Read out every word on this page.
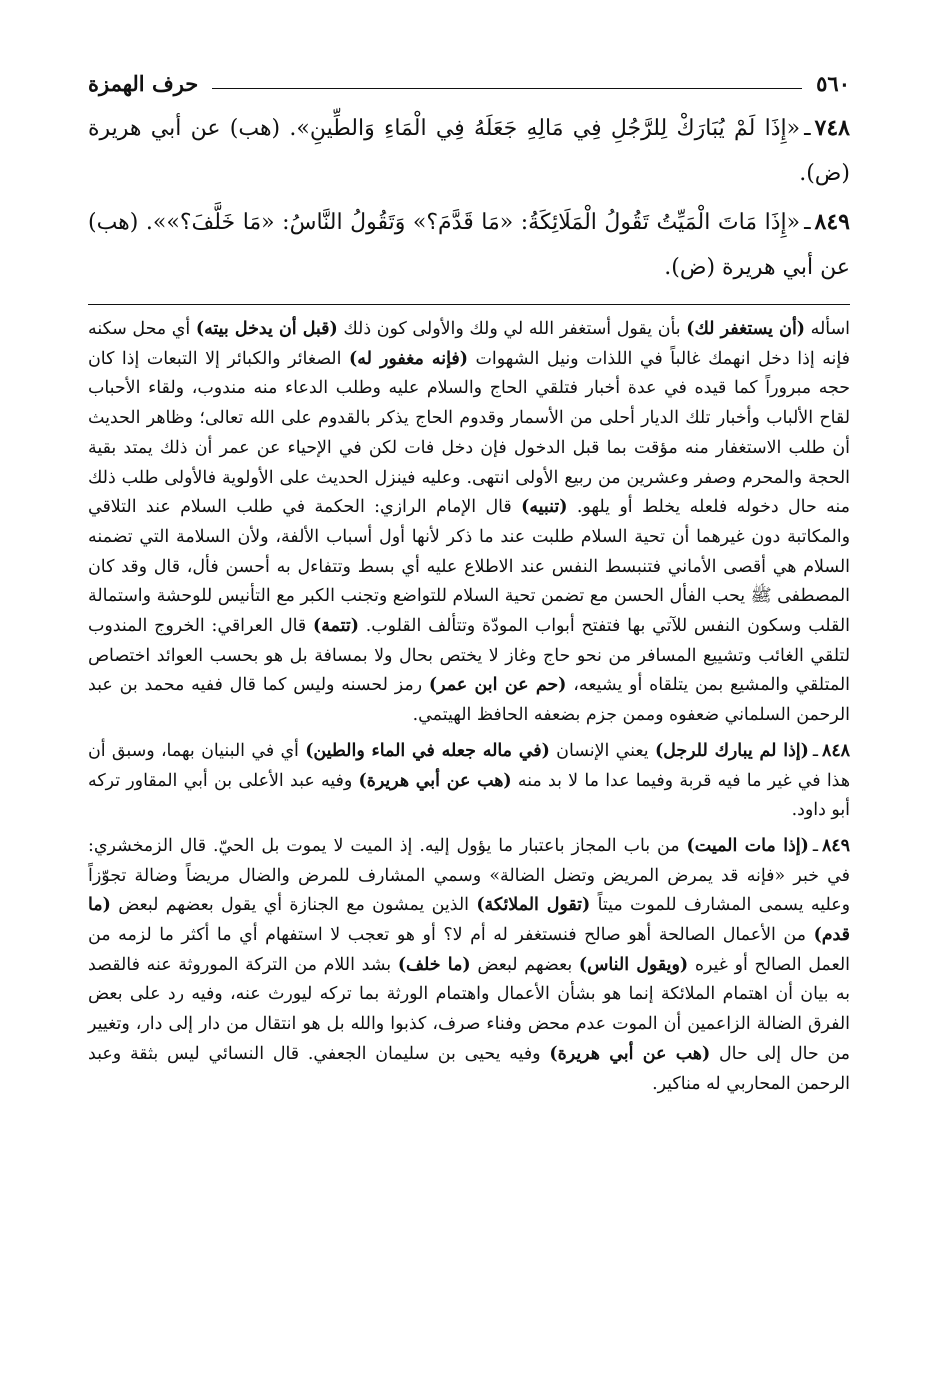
٥٦٠
حرف الهمزة

٧٤٨ـ«إِذَا لَمْ يُبَارَكْ لِلرَّجُلِ فِي مَالِهِ جَعَلَهُ فِي الْمَاءِ وَالطِّينِ». (هب) عن أبي هريرة (ض).

٨٤٩ـ«إِذَا مَاتَ الْمَيِّتُ تَقُولُ الْمَلَائِكَةُ: «مَا قَدَّمَ؟» وَتَقُولُ النَّاسُ: «مَا خَلَّفَ؟»». (هب) عن أبي هريرة (ض).

اسأله (أن يستغفر لك) بأن يقول أستغفر الله لي ولك والأولى كون ذلك (قبل أن يدخل بيته) أي محل سكنه فإنه إذا دخل انهمك غالباً في اللذات ونيل الشهوات (فإنه مغفور له) الصغائر والكبائر إلا التبعات إذا كان حجه مبروراً كما قيده في عدة أخبار فتلقي الحاج والسلام عليه وطلب الدعاء منه مندوب، ولقاء الأحباب لقاح الألباب وأخبار تلك الديار أحلى من الأسمار وقدوم الحاج يذكر بالقدوم على الله تعالى؛ وظاهر الحديث أن طلب الاستغفار منه مؤقت بما قبل الدخول فإن دخل فات لكن في الإحياء عن عمر أن ذلك يمتد بقية الحجة والمحرم وصفر وعشرين من ربيع الأولى انتهى. وعليه فينزل الحديث على الأولوية فالأولى طلب ذلك منه حال دخوله فلعله يخلط أو يلهو. (تنبيه) قال الإمام الرازي: الحكمة في طلب السلام عند التلاقي والمكاتبة دون غيرهما أن تحية السلام طلبت عند ما ذكر لأنها أول أسباب الألفة، ولأن السلامة التي تضمنه السلام هي أقصى الأماني فتنبسط النفس عند الاطلاع عليه أي بسط وتتفاءل به أحسن فأل، قال وقد كان المصطفى ﷺ يحب الفأل الحسن مع تضمن تحية السلام للتواضع وتجنب الكبر مع التأنيس للوحشة واستمالة القلب وسكون النفس للآتي بها فتفتح أبواب المودّة وتتألف القلوب. (تتمة) قال العراقي: الخروج المندوب لتلقي الغائب وتشييع المسافر من نحو حاج وغاز لا يختص بحال ولا بمسافة بل هو بحسب العوائد اختصاص المتلقي والمشيع بمن يتلقاه أو يشيعه، (حم عن ابن عمر) رمز لحسنه وليس كما قال ففيه محمد بن عبد الرحمن السلماني ضعفوه وممن جزم بضعفه الحافظ الهيتمي.

٨٤٨ـ(إذا لم يبارك للرجل) يعني الإنسان (في ماله جعله في الماء والطين) أي في البنيان بهما، وسبق أن هذا في غير ما فيه قربة وفيما عدا ما لا بد منه (هب عن أبي هريرة) وفيه عبد الأعلى بن أبي المقاور تركه أبو داود.

٨٤٩ـ(إذا مات الميت) من باب المجاز باعتبار ما يؤول إليه. إذ الميت لا يموت بل الحيّ. قال الزمخشري: في خبر «فإنه قد يمرض المريض وتضل الضالة» وسمي المشارف للمرض والضال مريضاً وضالة تجوّزاً وعليه يسمى المشارف للموت ميتاً (تقول الملائكة) الذين يمشون مع الجنازة أي يقول بعضهم لبعض (ما قدم) من الأعمال الصالحة أهو صالح فنستغفر له أم لا؟ أو هو تعجب لا استفهام أي ما أكثر ما لزمه من العمل الصالح أو غيره (ويقول الناس) بعضهم لبعض (ما خلف) بشد اللام من التركة الموروثة عنه فالقصد به بيان أن اهتمام الملائكة إنما هو بشأن الأعمال واهتمام الورثة بما تركه ليورث عنه، وفيه رد على بعض الفرق الضالة الزاعمين أن الموت عدم محض وفناء صرف، كذبوا والله بل هو انتقال من دار إلى دار، وتغيير من حال إلى حال (هب عن أبي هريرة) وفيه يحيى بن سليمان الجعفي. قال النسائي ليس بثقة وعبد الرحمن المحاربي له مناكير.
